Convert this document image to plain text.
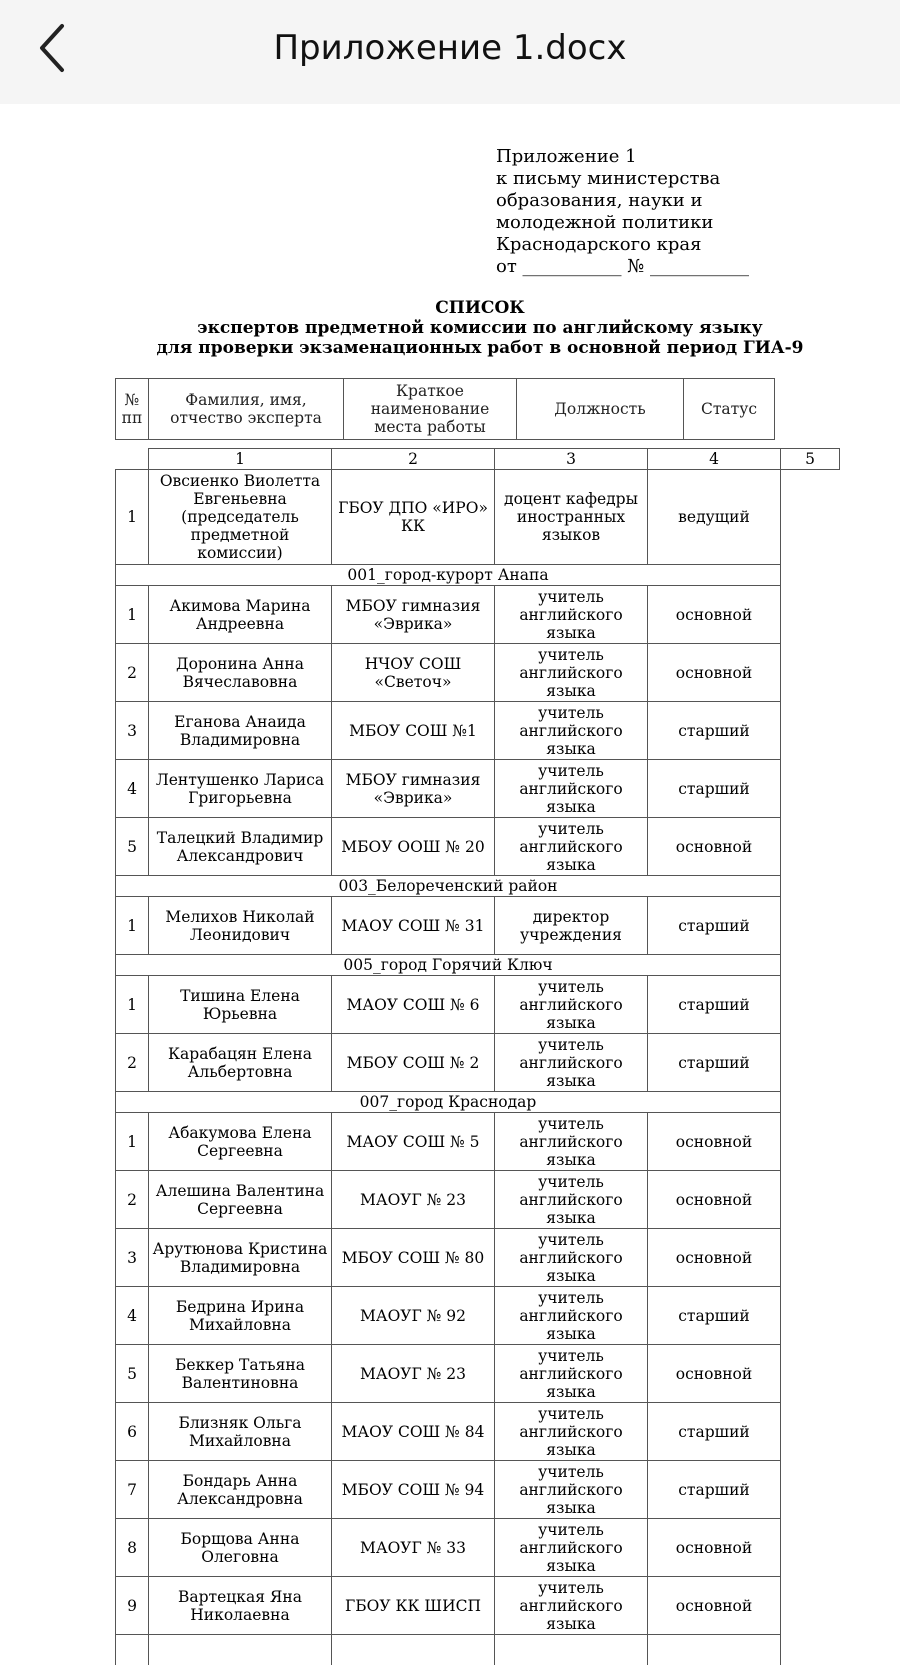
Приложение 1.docx
Приложение 1
к письму министерства
образования, науки и
молодежной политики
Краснодарского края
от ___________ № ___________
СПИСОК
экспертов предметной комиссии по английскому языку
для проверки экзаменационных работ в основной период ГИА-9
№ пп	Фамилия, имя, отчество эксперта	Краткое наименование места работы	Должность	Статус
	1	2	3	4	5
1	Овсиенко Виолетта Евгеньевна (председатель предметной комиссии)	ГБОУ ДПО «ИРО» КК	доцент кафедры иностранных языков	ведущий	
001_город-курорт Анапа					
1	Акимова Марина Андреевна	МБОУ гимназия «Эврика»	учитель английского языка	основной	
2	Доронина Анна Вячеславовна	НЧОУ СОШ «Светоч»	учитель английского языка	основной	
3	Еганова Анаида Владимировна	МБОУ СОШ №1	учитель английского языка	старший	
4	Лентушенко Лариса Григорьевна	МБОУ гимназия «Эврика»	учитель английского языка	старший	
5	Талецкий Владимир Александрович	МБОУ ООШ № 20	учитель английского языка	основной	
003_Белореченский район					
1	Мелихов Николай Леонидович	МАОУ СОШ № 31	директор учреждения	старший	
005_город Горячий Ключ					
1	Тишина Елена Юрьевна	МАОУ СОШ № 6	учитель английского языка	старший	
2	Карабацян Елена Альбертовна	МБОУ СОШ № 2	учитель английского языка	старший	
007_город Краснодар					
1	Абакумова Елена Сергеевна	МАОУ СОШ № 5	учитель английского языка	основной	
2	Алешина Валентина Сергеевна	МАОУГ № 23	учитель английского языка	основной	
3	Арутюнова Кристина Владимировна	МБОУ СОШ № 80	учитель английского языка	основной	
4	Бедрина Ирина Михайловна	МАОУГ № 92	учитель английского языка	старший	
5	Беккер Татьяна Валентиновна	МАОУГ № 23	учитель английского языка	основной	
6	Близняк Ольга Михайловна	МАОУ СОШ № 84	учитель английского языка	старший	
7	Бондарь Анна Александровна	МБОУ СОШ № 94	учитель английского языка	старший	
8	Борщова Анна Олеговна	МАОУГ № 33	учитель английского языка	основной	
9	Вартецкая Яна Николаевна	ГБОУ КК ШИСП	учитель английского языка	основной	
